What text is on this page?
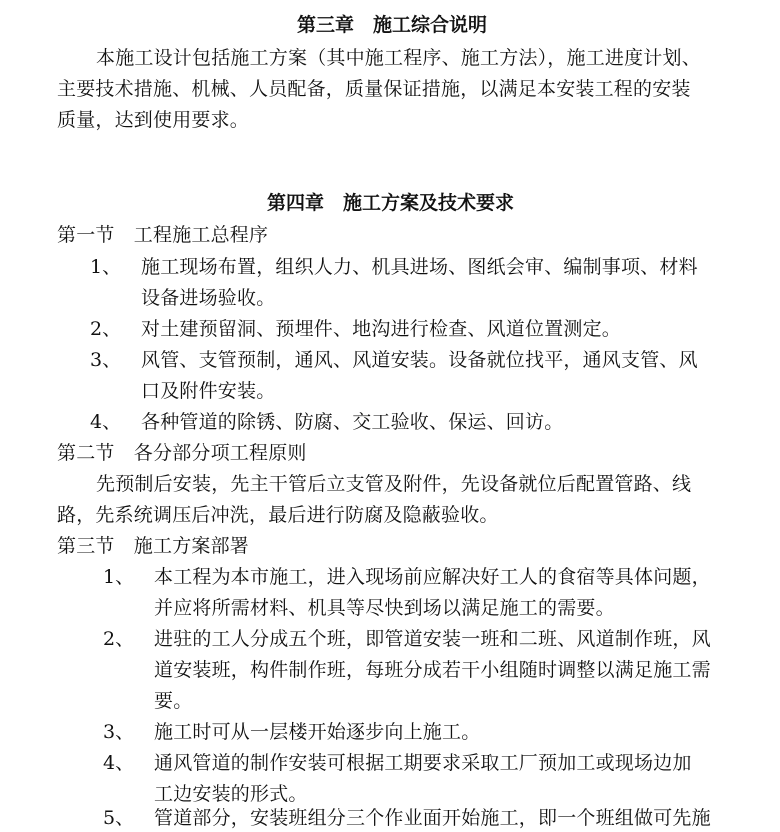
第三章　施工综合说明
本施工设计包括施工方案（其中施工程序、施工方法），施工进度计划、
主要技术措施、机械、人员配备，质量保证措施，以满足本安装工程的安装
质量，达到使用要求。
第四章　施工方案及技术要求
第一节　工程施工总程序
1、 施工现场布置，组织人力、机具进场、图纸会审、编制事项、材料
设备进场验收。
2、 对土建预留洞、预埋件、地沟进行检查、风道位置测定。
3、 风管、支管预制，通风、风道安装。设备就位找平，通风支管、风
口及附件安装。
4、 各种管道的除锈、防腐、交工验收、保运、回访。
第二节　各分部分项工程原则
先预制后安装，先主干管后立支管及附件，先设备就位后配置管路、线
路，先系统调压后冲洗，最后进行防腐及隐蔽验收。
第三节　施工方案部署
1、 本工程为本市施工，进入现场前应解决好工人的食宿等具体问题，
并应将所需材料、机具等尽快到场以满足施工的需要。
2、 进驻的工人分成五个班，即管道安装一班和二班、风道制作班，风
道安装班，构件制作班，每班分成若干小组随时调整以满足施工需
要。
3、 施工时可从一层楼开始逐步向上施工。
4、 通风管道的制作安装可根据工期要求采取工厂预加工或现场边加
工边安装的形式。
5、 管道部分，安装班组分三个作业面开始施工，即一个班组做可先施
